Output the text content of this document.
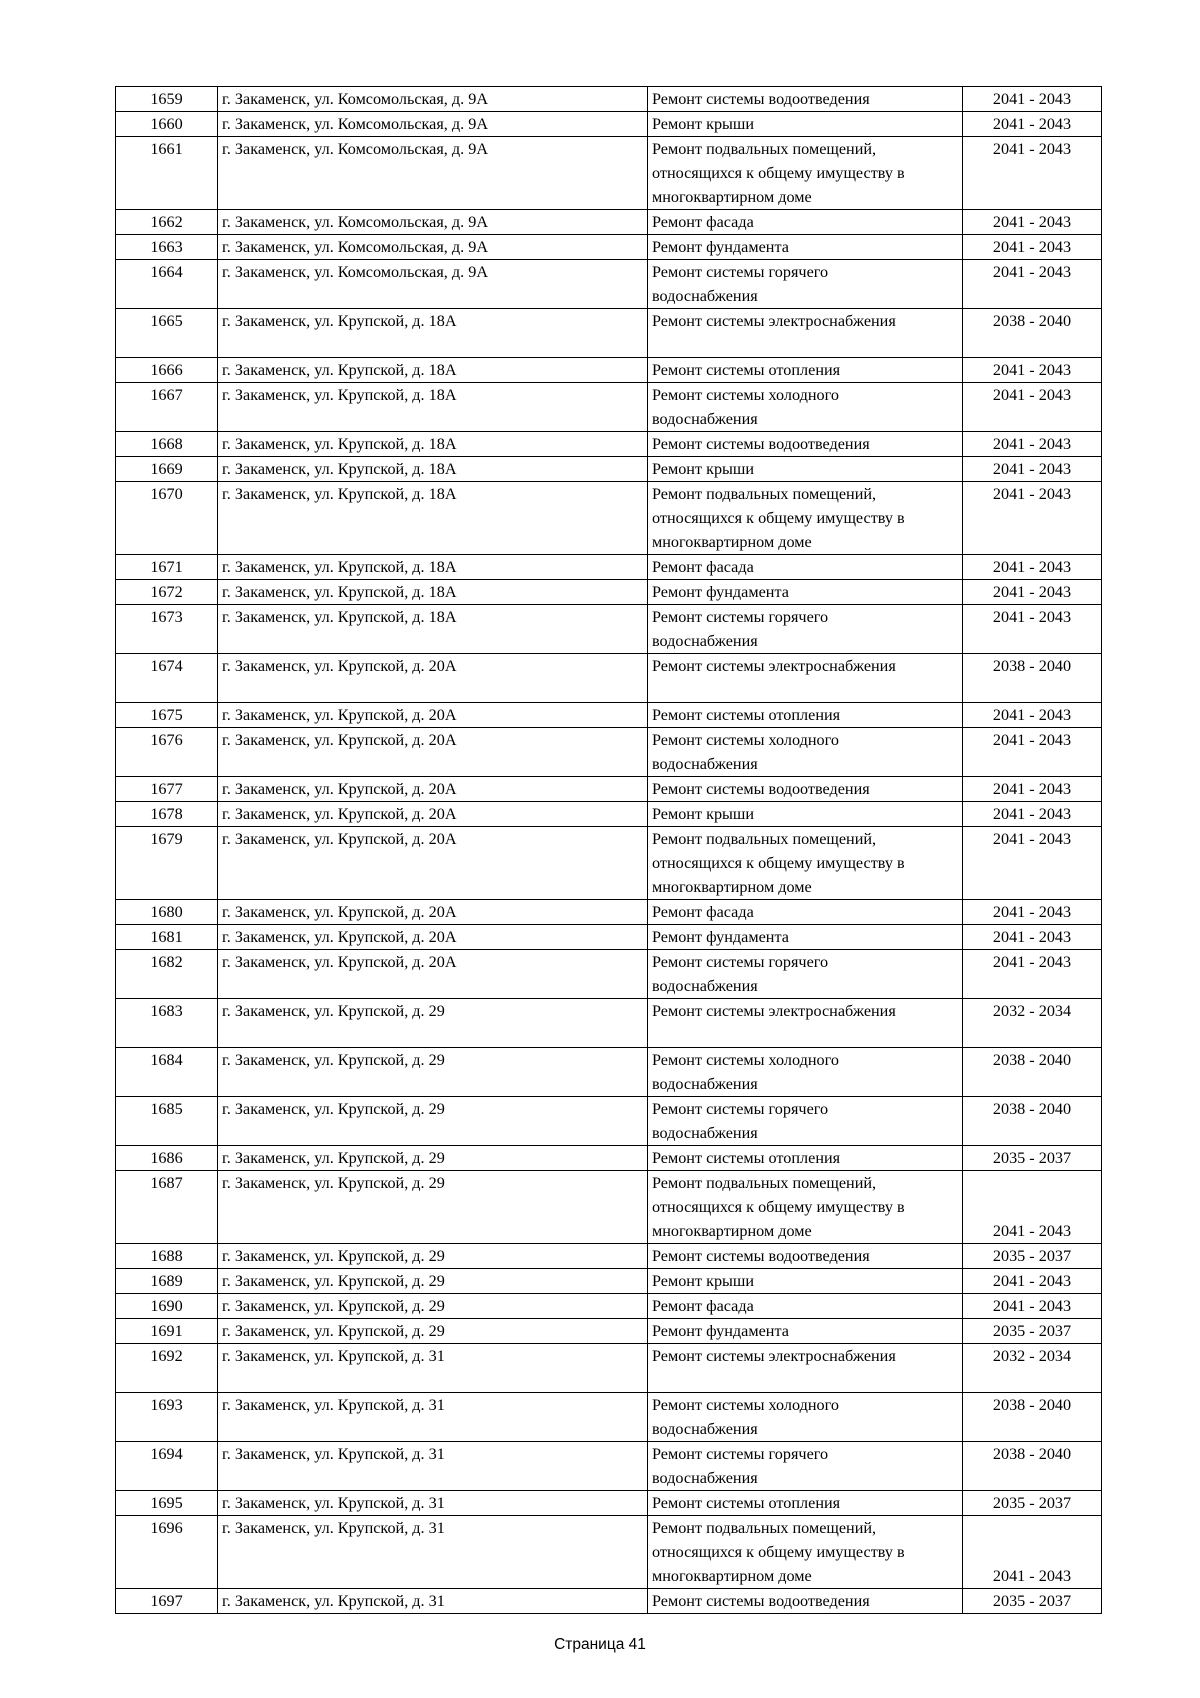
1659	г. Закаменск, ул. Комсомольская, д. 9А	Ремонт системы водоотведения	2041 - 2043
1660	г. Закаменск, ул. Комсомольская, д. 9А	Ремонт крыши	2041 - 2043
1661	г. Закаменск, ул. Комсомольская, д. 9А	Ремонт подвальных помещений,
относящихся к общему имуществу в
многоквартирном доме	2041 - 2043
1662	г. Закаменск, ул. Комсомольская, д. 9А	Ремонт фасада	2041 - 2043
1663	г. Закаменск, ул. Комсомольская, д. 9А	Ремонт фундамента	2041 - 2043
1664	г. Закаменск, ул. Комсомольская, д. 9А	Ремонт системы горячего
водоснабжения	2041 - 2043
1665	г. Закаменск, ул. Крупской, д. 18А	Ремонт системы электроснабжения	2038 - 2040
1666	г. Закаменск, ул. Крупской, д. 18А	Ремонт системы отопления	2041 - 2043
1667	г. Закаменск, ул. Крупской, д. 18А	Ремонт системы холодного
водоснабжения	2041 - 2043
1668	г. Закаменск, ул. Крупской, д. 18А	Ремонт системы водоотведения	2041 - 2043
1669	г. Закаменск, ул. Крупской, д. 18А	Ремонт крыши	2041 - 2043
1670	г. Закаменск, ул. Крупской, д. 18А	Ремонт подвальных помещений,
относящихся к общему имуществу в
многоквартирном доме	2041 - 2043
1671	г. Закаменск, ул. Крупской, д. 18А	Ремонт фасада	2041 - 2043
1672	г. Закаменск, ул. Крупской, д. 18А	Ремонт фундамента	2041 - 2043
1673	г. Закаменск, ул. Крупской, д. 18А	Ремонт системы горячего
водоснабжения	2041 - 2043
1674	г. Закаменск, ул. Крупской, д. 20А	Ремонт системы электроснабжения	2038 - 2040
1675	г. Закаменск, ул. Крупской, д. 20А	Ремонт системы отопления	2041 - 2043
1676	г. Закаменск, ул. Крупской, д. 20А	Ремонт системы холодного
водоснабжения	2041 - 2043
1677	г. Закаменск, ул. Крупской, д. 20А	Ремонт системы водоотведения	2041 - 2043
1678	г. Закаменск, ул. Крупской, д. 20А	Ремонт крыши	2041 - 2043
1679	г. Закаменск, ул. Крупской, д. 20А	Ремонт подвальных помещений,
относящихся к общему имуществу в
многоквартирном доме	2041 - 2043
1680	г. Закаменск, ул. Крупской, д. 20А	Ремонт фасада	2041 - 2043
1681	г. Закаменск, ул. Крупской, д. 20А	Ремонт фундамента	2041 - 2043
1682	г. Закаменск, ул. Крупской, д. 20А	Ремонт системы горячего
водоснабжения	2041 - 2043
1683	г. Закаменск, ул. Крупской, д. 29	Ремонт системы электроснабжения	2032 - 2034
1684	г. Закаменск, ул. Крупской, д. 29	Ремонт системы холодного
водоснабжения	2038 - 2040
1685	г. Закаменск, ул. Крупской, д. 29	Ремонт системы горячего
водоснабжения	2038 - 2040
1686	г. Закаменск, ул. Крупской, д. 29	Ремонт системы отопления	2035 - 2037
1687	г. Закаменск, ул. Крупской, д. 29	Ремонт подвальных помещений,
относящихся к общему имуществу в
многоквартирном доме	2041 - 2043
1688	г. Закаменск, ул. Крупской, д. 29	Ремонт системы водоотведения	2035 - 2037
1689	г. Закаменск, ул. Крупской, д. 29	Ремонт крыши	2041 - 2043
1690	г. Закаменск, ул. Крупской, д. 29	Ремонт фасада	2041 - 2043
1691	г. Закаменск, ул. Крупской, д. 29	Ремонт фундамента	2035 - 2037
1692	г. Закаменск, ул. Крупской, д. 31	Ремонт системы электроснабжения	2032 - 2034
1693	г. Закаменск, ул. Крупской, д. 31	Ремонт системы холодного
водоснабжения	2038 - 2040
1694	г. Закаменск, ул. Крупской, д. 31	Ремонт системы горячего
водоснабжения	2038 - 2040
1695	г. Закаменск, ул. Крупской, д. 31	Ремонт системы отопления	2035 - 2037
1696	г. Закаменск, ул. Крупской, д. 31	Ремонт подвальных помещений,
относящихся к общему имуществу в
многоквартирном доме	2041 - 2043
1697	г. Закаменск, ул. Крупской, д. 31	Ремонт системы водоотведения	2035 - 2037
Страница 41
